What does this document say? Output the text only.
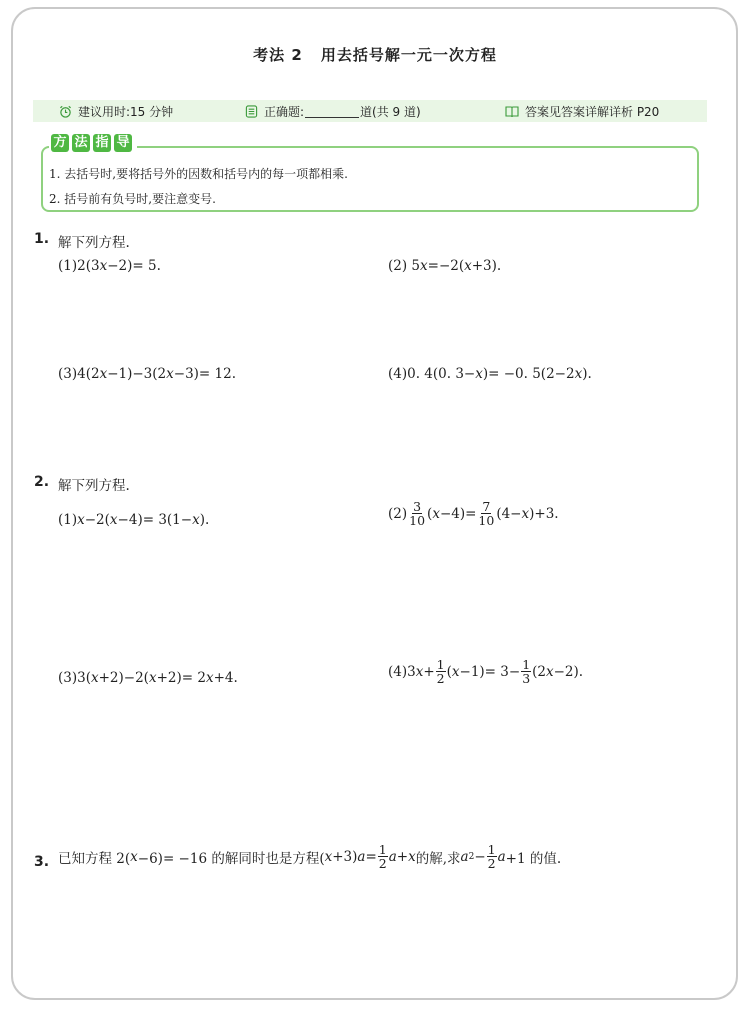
考法 2 用去括号解一元一次方程
建议用时:15 分钟	正确题:	道(共 9 道)	答案见答案详解详析 P20
方 法 指 导
1. 去括号时,要将括号外的因数和括号内的每一项都相乘.
2. 括号前有负号时,要注意变号.
1. 解下列方程.
(1)2(3 x −2)= 5.	(2) 5 x =−2( x +3).
(3)4(2 x −1)−3(2 x −3)= 12.	(4)0. 4(0. 3− x )= −0. 5(2−2 x ).
2. 解下列方程.
(1) x −2( x −4)= 3(1− x ).	$(2) \frac{3}{10}$ ( $x -4)= \frac{7}{10} (4- x$ )+3.
(3)3( x +2)−2( x +2)= 2 x +4.	(4)3 $x + \frac{1}{2}$ ( $x -1)= 3- \frac{1}{3} (2$ x −2).
3. 已知方程 2( x −6)= −16 的解同时也是方程( x +3) $a = \frac{1}{2}$ a + x 的解,求 a $2 - \frac{1}{2}$ a +1 的值.
